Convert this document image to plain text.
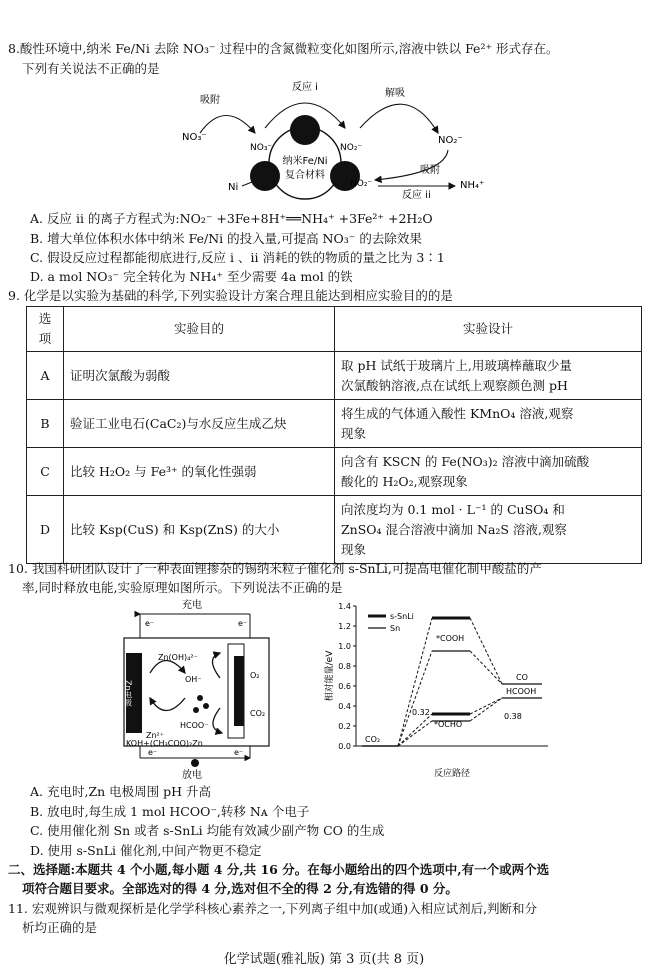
8.酸性环境中,纳米 Fe/Ni 去除 NO₃⁻ 过程中的含氮微粒变化如图所示,溶液中铁以 Fe²⁺ 形式存在。
下列有关说法不正确的是
纳米Fe/Ni
复合材料
吸附
反应 i
解吸
吸附
反应 ii
NO₃⁻
NO₃⁻	NO₂⁻
NO₂⁻
NO₂⁻
Ni	NH₄⁺
A. 反应 ii 的离子方程式为:NO₂⁻ +3Fe+8H⁺══NH₄⁺ +3Fe²⁺ +2H₂O
B. 增大单位体积水体中纳米 Fe/Ni 的投入量,可提高 NO₃⁻ 的去除效果
C. 假设反应过程都能彻底进行,反应 i 、ii 消耗的铁的物质的量之比为 3∶1
D. a mol NO₃⁻ 完全转化为 NH₄⁺ 至少需要 4a mol 的铁
9. 化学是以实验为基础的科学,下列实验设计方案合理且能达到相应实验目的的是
选项	实验目的	实验设计
A	证明次氯酸为弱酸	取 pH 试纸于玻璃片上,用玻璃棒蘸取少量
次氯酸钠溶液,点在试纸上观察颜色测 pH

B	验证工业电石(CaC₂)与水反应生成乙炔	将生成的气体通入酸性 KMnO₄ 溶液,观察
现象

C	比较 H₂O₂ 与 Fe³⁺ 的氧化性强弱	向含有 KSCN 的 Fe(NO₃)₂ 溶液中滴加硫酸
酸化的 H₂O₂,观察现象

D	比较 Ksp(CuS) 和 Ksp(ZnS) 的大小	向浓度均为 0.1 mol · L⁻¹ 的 CuSO₄ 和
ZnSO₄ 混合溶液中滴加 Na₂S 溶液,观察
现象
10. 我国科研团队设计了一种表面锂掺杂的锡纳米粒子催化剂 s-SnLi,可提高电催化制甲酸盐的产
率,同时释放电能,实验原理如图所示。下列说法不正确的是
充电
e⁻	e⁻
Zn电极
Zn(OH)₄²⁻
OH⁻
Zn²⁺
O₂
CO₂
HCOO⁻
KOH+(CH₃COO)₂Zn
e⁻	e⁻
放电
0.0
0.2
0.4
0.6
0.8
1.0
1.2
1.4
相对能量/eV
反应路径
s-SnLi
Sn
CO₂
*COOH
*OCHO
0.32
CO
HCOOH
0.38
A. 充电时,Zn 电极周围 pH 升高
B. 放电时,每生成 1 mol HCOO⁻,转移 Nᴀ 个电子
C. 使用催化剂 Sn 或者 s-SnLi 均能有效减少副产物 CO 的生成
D. 使用 s-SnLi 催化剂,中间产物更不稳定
二、选择题:本题共 4 个小题,每小题 4 分,共 16 分。在每小题给出的四个选项中,有一个或两个选
项符合题目要求。全部选对的得 4 分,选对但不全的得 2 分,有选错的得 0 分。
11. 宏观辨识与微观探析是化学学科核心素养之一,下列离子组中加(或通)入相应试剂后,判断和分
析均正确的是
化学试题(雅礼版) 第 3 页(共 8 页)
